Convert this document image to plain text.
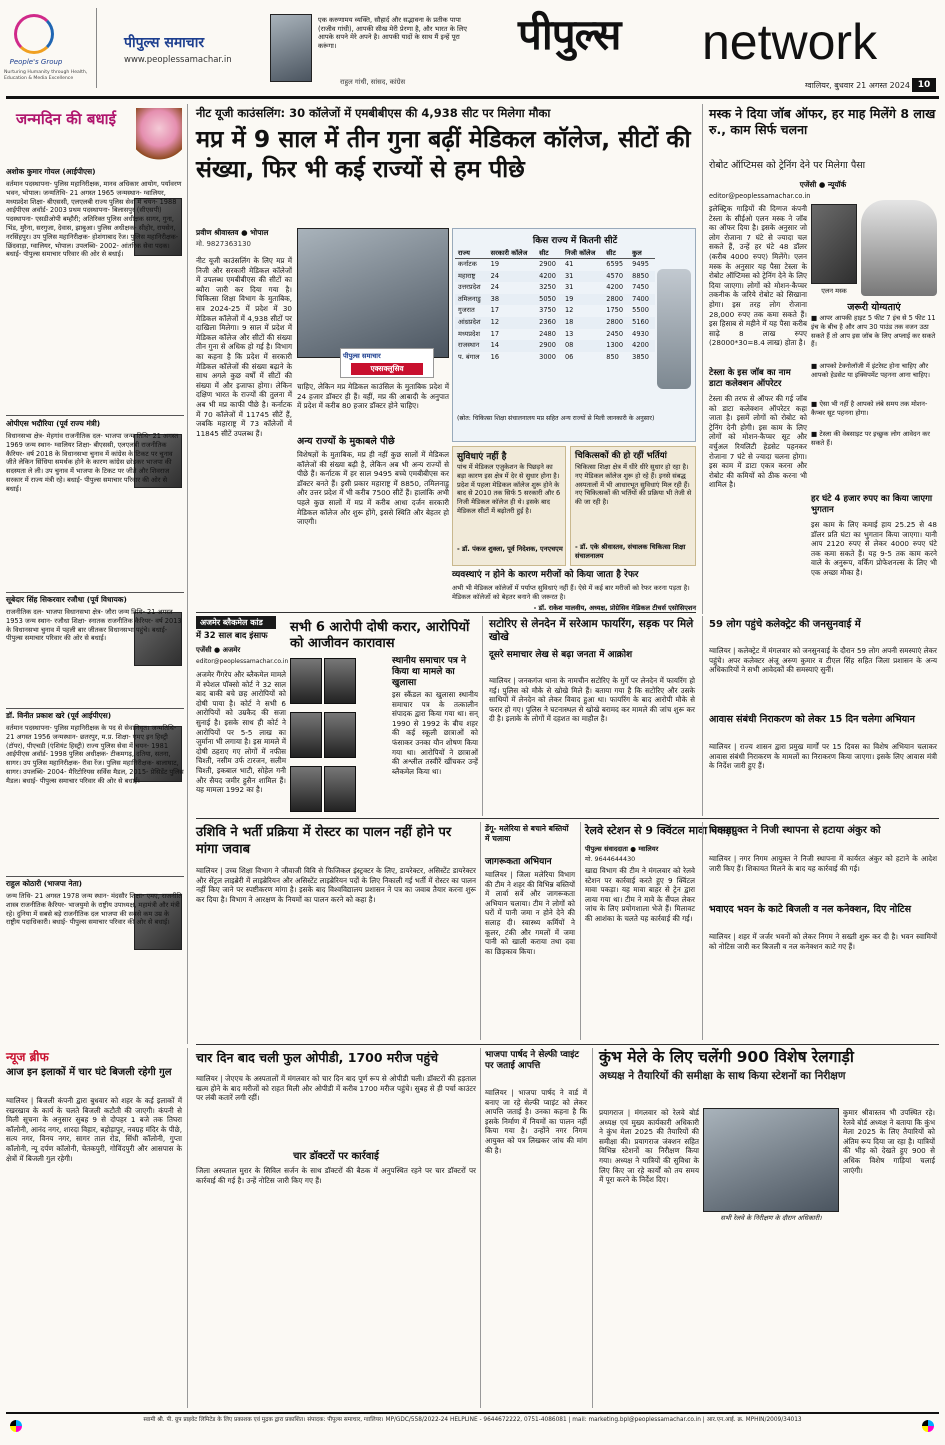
People's Group
Nurturing Humanity through Health, Education & Media Excellence
पीपुल्स समाचार
www.peoplessamachar.in
एक करुणामय व्यक्ति, सौहार्द और सद्भावना के प्रतीक पापा (राजीव गांधी), आपकी सीख मेरी प्रेरणा है, और भारत के लिए आपके सपने मेरे अपने है। आपकी यादों के साथ मैं इन्हें पूरा करूंगा।
राहुल गांधी, सांसद, कांग्रेस
पीपुल्स	network
ग्वालियर, बुधवार 21 अगस्त 2024 10
जन्मदिन की बधाई
अशोक कुमार गोयल (आईपीएस)
वर्तमान पदस्थापना- पुलिस महानिरीक्षक, मानव अधिकार आयोग, पर्यावरण भवन, भोपाल। जन्मतिथि- 21 अगस्त 1965 जन्मस्थान- ग्वालियर, मध्यप्रदेश शिक्षा- बीएससी, एलएलबी राज्य पुलिस सेवा में चयन- 1988 आईपीएस अवॉर्ड- 2003 प्रथम पदस्थापना- बिलासपुर (सीएसपी) पदस्थापना- एसडीओपी बम्हौरी; अतिरिक्त पुलिस अधीक्षक सागर, गुना, भिंड, मुरैना, सरगुजा, देवास, झाबुआ। पुलिस अधीक्षक- सीहोर, रायसेन, नरसिंहपुर। उप पुलिस महानिरीक्षक- होशंगाबाद रेंज। पुलिस महानिरीक्षक- छिंदवाड़ा, ग्वालियर, भोपाल। उपलब्धि- 2002- आंतरिक सेवा पदक। बधाई- पीपुल्स समाचार परिवार की ओर से बधाई।
ओपीएस भदौरिया (पूर्व राज्य मंत्री)
विधानसभा क्षेत्र- मेहगांव राजनीतिक दल- भाजपा जन्म तिथि- 21 अगस्त 1969 जन्म स्थान- ग्वालियर शिक्षा- बीएससी, एलएलबी राजनीतिक कैरियर- वर्ष 2018 के विधानसभा चुनाव में कांग्रेस के टिकट पर चुनाव जीते लेकिन सिंधिया समर्थक होने के कारण कांग्रेस छोड़कर भाजपा की सदस्यता ले ली। उप चुनाव में भाजपा के टिकट पर जीते और शिवराज सरकार में राज्य मंत्री रहे। बधाई- पीपुल्स समाचार परिवार की ओर से बधाई।
सूबेदार सिंह सिकरवार रजौधा (पूर्व विधायक)
राजनीतिक दल- भाजपा विधानसभा क्षेत्र- जौरा जन्म तिथि- 21 अगस्त 1953 जन्म स्थान- रजौधा शिक्षा- स्नातक राजनीतिक कैरियर- वर्ष 2013 के विधानसभा चुनाव में पहली बार जीतकर विधानसभा पहुंचे। बधाई- पीपुल्स समाचार परिवार की ओर से बधाई।
डॉ. विनीत प्रकाश खरे (पूर्व आईपीएस)
वर्तमान पदस्थापना- पुलिस महानिरीक्षक के पद से सेवानिवृत। जन्मतिथि- 21 अगस्त 1956 जन्मस्थान- छतरपुर, म.प्र. शिक्षा- एमए इन हिस्ट्री (टॉपर), पीएचडी (एंशियंट हिस्ट्री) राज्य पुलिस सेवा में चयन- 1981 आईपीएस अवॉर्ड- 1998 पुलिस अधीक्षक- टीकमगढ़, दतिया, सतना, सागर। उप पुलिस महानिरीक्षक- रीवा रेंज। पुलिस महानिरीक्षक- बालाघाट, सागर। उपलब्धि- 2004- मैरिटोरियस सर्विस मैडल, 2015- प्रेसिडेंट पुलिस मैडल। बधाई- पीपुल्स समाचार परिवार की ओर से बधाई।
राहुल कोठारी (भाजपा नेता)
जन्म तिथि- 21 अगस्त 1978 जन्म स्थान- मंदसौर शिक्षा- एमए, राजनीति शास्त्र राजनीतिक कैरियर- भाजयुमो के राष्ट्रीय उपाध्यक्ष, महामंत्री और मंत्री रहे। दुनिया में सबसे बड़े राजनीतिक दल भाजपा की सबसे कम उम्र के राष्ट्रीय पदाधिकारी। बधाई- पीपुल्स समाचार परिवार की ओर से बधाई।
न्यूज ब्रीफ
आज इन इलाकों में चार घंटे बिजली रहेगी गुल
ग्वालियर | बिजली कंपनी द्वारा बुधवार को शहर के कई इलाकों में रखरखाव के कार्य के चलते बिजली कटौती की जाएगी। कंपनी से मिली सूचना के अनुसार सुबह 9 से दोपहर 1 बजे तक तिघरा कॉलोनी, आनंद नगर, शारदा विहार, बहोड़ापुर, नवग्रह मंदिर के पीछे, सत्य नगर, विनय नगर, सागर ताल रोड, सिंधी कॉलोनी, गुप्ता कॉलोनी, न्यू दर्पण कॉलोनी, चेतकपुरी, गोविंदपुरी और आसपास के क्षेत्रों में बिजली गुल रहेगी।
नीट यूजी काउंसलिंग: 30 कॉलेजों में एमबीबीएस की 4,938 सीट पर मिलेगा मौका
मप्र में 9 साल में तीन गुना बढ़ीं मेडिकल कॉलेज, सीटों की संख्या, फिर भी कई राज्यों से हम पीछे
प्रवीण श्रीवास्तव ● भोपाल
मो. 9827363130
नीट यूजी काउंसलिंग के लिए मप्र में निजी और सरकारी मेडिकल कॉलेजों में उपलब्ध एमबीबीएस की सीटों का ब्यौरा जारी कर दिया गया है। चिकित्सा शिक्षा विभाग के मुताबिक, सत्र 2024-25 में प्रदेश में 30 मेडिकल कॉलेजों में 4,938 सीटों पर दाखिला मिलेगा। 9 साल में प्रदेश में मेडिकल कॉलेज और सीटों की संख्या तीन गुना से अधिक हो गई है। विभाग का कहना है कि प्रदेश में सरकारी मेडिकल कॉलेजों की संख्या बढ़ाने के साथ अगले कुछ वर्षों में सीटों की संख्या में और इजाफा होगा। लेकिन दक्षिण भारत के राज्यों की तुलना में अब भी मप्र काफी पीछे है। कर्नाटक में 70 कॉलेजों में 11745 सीटें हैं, जबकि महाराष्ट्र में 73 कॉलेजों में 11845 सीटें उपलब्ध हैं।
पीपुल्स समाचार
एक्सक्लूसिव
चाहिए, लेकिन मप्र मेडिकल काउंसिल के मुताबिक प्रदेश में 24 हजार डॉक्टर ही हैं। वहीं, मप्र की आबादी के अनुपात में प्रदेश में करीब 80 हजार डॉक्टर होने चाहिए।
अन्य राज्यों के मुकाबले पीछे
विशेषज्ञों के मुताबिक, मप्र ही नहीं कुछ सालों में मेडिकल कॉलेजों की संख्या बढ़ी है, लेकिन अब भी अन्य राज्यों से पीछे हैं। कर्नाटक में हर साल 9495 बच्चे एमबीबीएस कर डॉक्टर बनते हैं। इसी प्रकार महाराष्ट्र में 8850, तमिलनाडु और उत्तर प्रदेश में भी करीब 7500 सीटें हैं। हालांकि अभी पहले कुछ सालों में मप्र में करीब आधा दर्जन सरकारी मेडिकल कॉलेज और शुरू होंगे, इससे स्थिति और बेहतर हो जाएगी।
किस राज्य में कितनी सीटें
राज्य	सरकारी कॉलेज	सीट	निजी कॉलेज	सीट	कुल
कर्नाटक	19	2900	41	6595	9495
महाराष्ट्र	24	4200	31	4570	8850
उत्तरप्रदेश	24	3250	31	4200	7450
तमिलनाडु	38	5050	19	2800	7400
गुजरात	17	3750	12	1750	5500
आंध्रप्रदेश	12	2360	18	2800	5160
मध्यप्रदेश	17	2480	13	2450	4930
राजस्थान	14	2900	08	1300	4200
प. बंगाल	16	3000	06	850	3850
(स्रोत: चिकित्सा शिक्षा संचालनालय मप्र सहित अन्य राज्यों से मिली जानकारी के अनुसार)
सुविधाएं नहीं है
पांच में मेडिकल एजुकेशन के पिछड़ने का बड़ा कारण इस क्षेत्र में देर से सुधार होना है। प्रदेश में पहला मेडिकल कॉलेज शुरू होने के बाद से 2010 तक सिर्फ 5 सरकारी और 6 निजी मेडिकल कॉलेज ही थे। इसके बाद मेडिकल सीटों में बढ़ोतरी हुई है।
- डॉ. पंकज शुक्ला, पूर्व निदेशक, एनएचएम
चिकित्सकों की हो रहीं भर्तियां
चिकित्सा शिक्षा क्षेत्र में धीरे धीरे सुधार हो रहा है। नए मेडिकल कॉलेज शुरू हो रहे हैं। इनसे संबद्ध अस्पतालों में भी आधारभूत सुविधाएं मिल रही हैं। नए चिकित्सकों की भर्तियों की प्रक्रिया भी तेजी से की जा रही है।
- डॉ. एके श्रीवास्तव, संचालक चिकित्सा शिक्षा संचालनालय
व्यवस्थाएं न होने के कारण मरीजों को किया जाता है रेफर
अभी भी मेडिकल कॉलेजों में पर्याप्त सुविधाएं नहीं हैं। ऐसे में कई बार मरीजों को रेफर करना पड़ता है। मेडिकल कॉलेजों को बेहतर बनाने की जरूरत है।
- डॉ. राकेश मालवीय, अध्यक्ष, प्रोग्रेसिव मेडिकल टीचर्स एसोसिएशन
मस्क ने दिया जॉब ऑफर, हर माह मिलेंगे 8 लाख रु., काम सिर्फ चलना
रोबोट ऑप्टिमस को ट्रेनिंग देने पर मिलेगा पैसा
एजेंसी ● न्यूयॉर्क
editor@peoplessamachar.co.in
इलेक्ट्रिक गाड़ियों की दिग्गज कंपनी टेस्ला के सीईओ एलन मस्क ने जॉब का ऑफर दिया है। इसके अनुसार जो लोग रोजाना 7 घंटे से ज्यादा चल सकते हैं, उन्हें हर घंटे 48 डॉलर (करीब 4000 रुपए) मिलेंगे। एलन मस्क के अनुसार यह पैसा टेस्ला के रोबोट ऑप्टिमस को ट्रेनिंग देने के लिए दिया जाएगा। लोगों को मोशन-कैप्चर तकनीक के जरिये रोबोट को सिखाना होगा। इस तरह लोग रोजाना 28,000 रुपए तक कमा सकते हैं। इस हिसाब से महीने में यह पैसा करीब साढ़े 8 लाख रुपए (28000*30=8.4 लाख) होता है।
एलन मस्क
जरूरी योग्यताएं
■ आपर आपकी हाइट 5 फीट 7 इंच से 5 फीट 11 इंच के बीच है और आप 30 पाउंड तक वजन उठा सकते हैं तो आप इस जॉब के लिए अप्लाई कर सकते हैं।
■ आपको टेक्नोलॉजी में इंटरेस्ट होना चाहिए और आपको हेडसेट या इक्विपमेंट पहनना आना चाहिए।
■ ऐसा भी नहीं है आपको लंबे समय तक मोशन-कैप्चर सूट पहनना होगा।
■ टेस्ला की वेबसाइट पर इच्छुक लोग आवेदन कर सकते हैं।
टेस्ला के इस जॉब का नाम डाटा कलेक्शन ऑपरेटर
टेस्ला की तरफ से ऑफर की गई जॉब को डाटा कलेक्शन ऑपरेटर कहा जाता है। इसमें लोगों को रोबोट को ट्रेनिंग देनी होगी। इस काम के लिए लोगों को मोशन-कैप्चर सूट और वर्चुअल रियलिटी हेडसेट पहनकर रोजाना 7 घंटे से ज्यादा चलना होगा। इस काम में डाटा एकत्र करना और रोबोट की कमियों को ठीक करना भी शामिल है।
हर घंटे 4 हजार रुपए का किया जाएगा भुगतान
इस काम के लिए कमाई हाय 25.25 से 48 डॉलर प्रति घंटा का भुगतान किया जाएगा। यानी आप 2120 रुपए से लेकर 4000 रुपए घंटे तक कमा सकते हैं। यह 9-5 तक काम करने वाले के अनुरूप, वर्किंग प्रोफेशनल्स के लिए भी एक अच्छा मौका है।
अजमेर ब्लैकमेल कांड
में 32 साल बाद इंसाफ	सभी 6 आरोपी दोषी करार, आरोपियों को आजीवन कारावास
एजेंसी ● अजमेर
editor@peoplessamachar.co.in
अजमेर गैंगरेप और ब्लैकमेल मामले में स्पेशल पॉक्सो कोर्ट ने 32 साल बाद बाकी बचे छह आरोपियों को दोषी पाया है। कोर्ट ने सभी 6 आरोपियों को उम्रकैद की सजा सुनाई है। इसके साथ ही कोर्ट ने आरोपियों पर 5-5 लाख का जुर्माना भी लगाया है। इस मामले में दोषी ठहराए गए लोगों में नफीस चिश्ती, नसीम उर्फ टारजन, सलीम चिश्ती, इकबाल भाटी, सोहेल गनी और सैयद जमीर हुसैन शामिल हैं। यह मामला 1992 का है।
स्थानीय समाचार पत्र ने किया था मामले का खुलासा
इस स्कैंडल का खुलासा स्थानीय समाचार पत्र के तत्कालीन संपादक द्वारा किया गया था। सन् 1990 से 1992 के बीच शहर की कई स्कूली छात्राओं को फंसाकर उनका यौन शोषण किया गया था। आरोपियों ने छात्राओं की अश्लील तस्वीरें खींचकर उन्हें ब्लैकमेल किया था।
सटोरिए से लेनदेन में सरेआम फायरिंग, सड़क पर मिले खोखे
दूसरे समाचार लेख से बढ़ा जनता में आक्रोश
ग्वालियर | जनकगंज थाना के नामचीन सटोरिए के गुर्गे पर लेनदेन में फायरिंग हो गई। पुलिस को मौके से खोखे मिले हैं। बताया गया है कि सटोरिए और उसके साथियों में लेनदेन को लेकर विवाद हुआ था। फायरिंग के बाद आरोपी मौके से फरार हो गए। पुलिस ने घटनास्थल से खोखे बरामद कर मामले की जांच शुरू कर दी है। इलाके के लोगों में दहशत का माहौल है।
59 लोग पहुंचे कलेक्ट्रेट की जनसुनवाई में
ग्वालियर | कलेक्ट्रेट में मंगलवार को जनसुनवाई के दौरान 59 लोग अपनी समस्याएं लेकर पहुंचे। अपर कलेक्टर अंजू अरुण कुमार व टीएल सिंह सहित जिला प्रशासन के अन्य अधिकारियों ने सभी आवेदकों की समस्याएं सुनीं।
आवास संबंधी निराकरण को लेकर 15 दिन चलेगा अभियान
ग्वालियर | राज्य शासन द्वारा प्रमुख मार्गों पर 15 दिवस का विशेष अभियान चलाकर आवास संबंधी निराकरण के मामलों का निराकरण किया जाएगा। इसके लिए आवास मंत्री के निर्देश जारी हुए हैं।
उशिवि ने भर्ती प्रक्रिया में रोस्टर का पालन नहीं होने पर मांगा जवाब
ग्वालियर | उच्च शिक्षा विभाग ने जीवाजी विवि से फिजिकल इंस्ट्रक्टर के लिए, डायरेक्टर, असिस्टेंट डायरेक्टर और सेंट्रल लाइब्रेरी में लाइब्रेरियन और असिस्टेंट लाइब्रेरियन पदों के लिए निकाली गई भर्ती में रोस्टर का पालन नहीं किए जाने पर स्पष्टीकरण मांगा है। इसके बाद विश्वविद्यालय प्रशासन ने पत्र का जवाब तैयार करना शुरू कर दिया है। विभाग ने आरक्षण के नियमों का पालन करने को कहा है।
डेंगू- मलेरिया से बचाने बस्तियों में चलाया
जागरूकता अभियान
ग्वालियर | जिला मलेरिया विभाग की टीम ने शहर की विभिन्न बस्तियों में लार्वा सर्वे और जागरूकता अभियान चलाया। टीम ने लोगों को घरों में पानी जमा न होने देने की सलाह दी। स्वास्थ्य कर्मियों ने कूलर, टंकी और गमलों में जमा पानी को खाली कराया तथा दवा का छिड़काव किया।
रेलवे स्टेशन से 9 क्विंटल मावा पकड़ा
पीपुल्स संवाददाता ● ग्वालियर
मो. 9644644430
खाद्य विभाग की टीम ने मंगलवार को रेलवे स्टेशन पर कार्रवाई करते हुए 9 क्विंटल मावा पकड़ा। यह मावा बाहर से ट्रेन द्वारा लाया गया था। टीम ने मावे के सैंपल लेकर जांच के लिए प्रयोगशाला भेजे हैं। मिलावट की आशंका के चलते यह कार्रवाई की गई।
निगमायुक्त ने निजी स्थापना से हटाया अंकुर को
ग्वालियर | नगर निगम आयुक्त ने निजी स्थापना में कार्यरत अंकुर को हटाने के आदेश जारी किए हैं। शिकायत मिलने के बाद यह कार्रवाई की गई।
भवाएद भवन के काटे बिजली व नल कनेक्शन, दिए नोटिस
ग्वालियर | शहर में जर्जर भवनों को लेकर निगम ने सख्ती शुरू कर दी है। भवन स्वामियों को नोटिस जारी कर बिजली व नल कनेक्शन काटे गए हैं।
चार दिन बाद चली फुल ओपीडी, 1700 मरीज पहुंचे
ग्वालियर | जेएएच के अस्पतालों में मंगलवार को चार दिन बाद पूर्ण रूप से ओपीडी चली। डॉक्टरों की हड़ताल खत्म होने के बाद मरीजों को राहत मिली और ओपीडी में करीब 1700 मरीज पहुंचे। सुबह से ही पर्चा काउंटर पर लंबी कतारें लगी रहीं।
चार डॉक्टरों पर कार्रवाई
जिला अस्पताल मुरार के सिविल सर्जन के साथ डॉक्टरों की बैठक में अनुपस्थित रहने पर चार डॉक्टरों पर कार्रवाई की गई है। उन्हें नोटिस जारी किए गए हैं।
भाजपा पार्षद ने सेल्फी प्वाइंट पर जताई आपत्ति
ग्वालियर | भाजपा पार्षद ने वार्ड में बनाए जा रहे सेल्फी प्वाइंट को लेकर आपत्ति जताई है। उनका कहना है कि इसके निर्माण में नियमों का पालन नहीं किया गया है। उन्होंने नगर निगम आयुक्त को पत्र लिखकर जांच की मांग की है।
कुंभ मेले के लिए चलेंगी 900 विशेष रेलगाड़ी
अध्यक्ष ने तैयारियों की समीक्षा के साथ किया स्टेशनों का निरीक्षण
प्रयागराज | मंगलवार को रेलवे बोर्ड अध्यक्ष एवं मुख्य कार्यकारी अधिकारी ने कुंभ मेला 2025 की तैयारियों की समीक्षा की। प्रयागराज जंक्शन सहित विभिन्न स्टेशनों का निरीक्षण किया गया। अध्यक्ष ने यात्रियों की सुविधा के लिए किए जा रहे कार्यों को तय समय में पूरा करने के निर्देश दिए।
सभी रेलवे के निरीक्षण के दौरान अधिकारी।
कुमार श्रीवास्तव भी उपस्थित रहे। रेलवे बोर्ड अध्यक्ष ने बताया कि कुंभ मेला 2025 के लिए तैयारियों को अंतिम रूप दिया जा रहा है। यात्रियों की भीड़ को देखते हुए 900 से अधिक विशेष गाड़ियां चलाई जाएंगी।
स्वामी श्री. पी. ग्रुप प्राइवेट लिमिटेड के लिए प्रकाशक एवं मुद्रक द्वारा प्रकाशित। संपादक: पीपुल्स समाचार, ग्वालियर। MP/GDC/558/2022-24 HELPLINE - 9644672222, 0751-4086081 | mail: marketing.bpl@peoplessamachar.co.in | आर.एन.आई. क्र. MPHIN/2009/34013
